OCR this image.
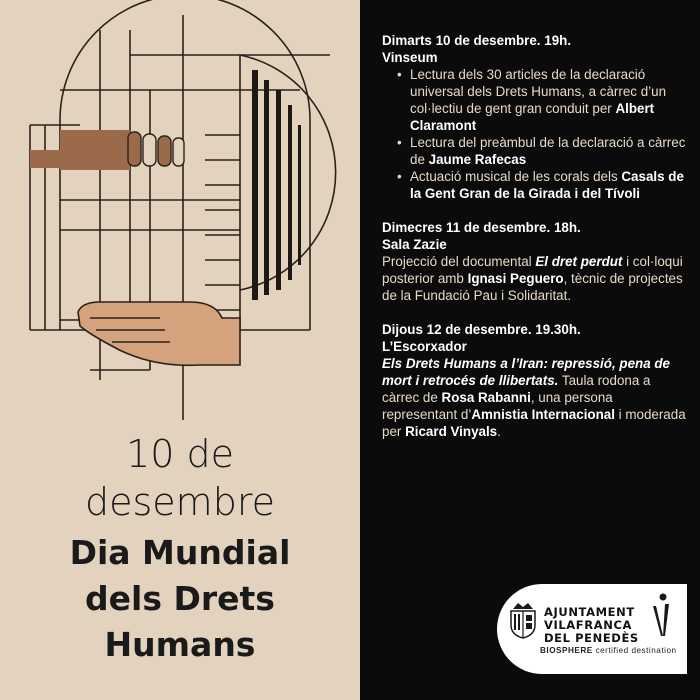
10 de
desembre
Dia Mundial
dels Drets
Humans
Dimarts 10 de desembre. 19h.
Vinseum
• Lectura dels 30 articles de la declaració universal dels Drets Humans, a càrrec d’un col·lectiu de gent gran conduit per Albert Claramont
• Lectura del preàmbul de la declaració a càrrec de Jaume Rafecas
• Actuació musical de les corals dels Casals de la Gent Gran de la Girada i del Tívoli
Dimecres 11 de desembre. 18h.
Sala Zazie
Projecció del documental El dret perdut i col·loqui posterior amb Ignasi Peguero, tècnic de projectes de la Fundació Pau i Solidaritat.
Dijous 12 de desembre. 19.30h.
L’Escorxador
Els Drets Humans a l’Iran: repressió, pena de mort i retrocés de llibertats. Taula rodona a càrrec de Rosa Rabanni, una persona representant d’Amnistia Internacional i moderada per Ricard Vinyals.
AJUNTAMENT
VILAFRANCA
DEL PENEDÈS
BIOSPHERE certified destination
